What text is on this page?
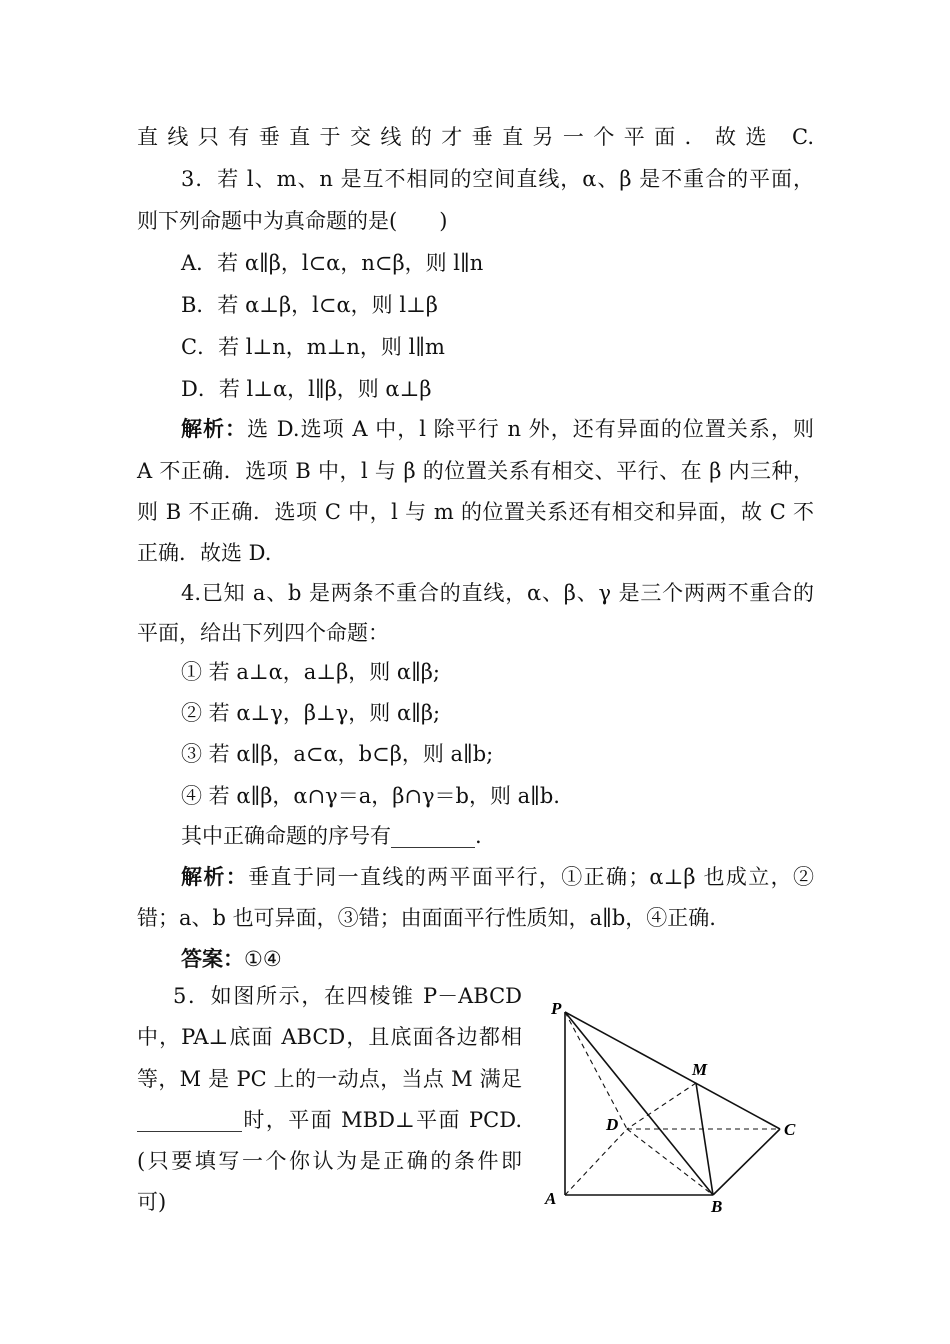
直线只有垂直于交线的才垂直另一个平面．故选 C.
3．若 l、m、n 是互不相同的空间直线，α、β 是不重合的平面，
则下列命题中为真命题的是(　　)
A．若 α∥β，l⊂α，n⊂β，则 l∥n
B．若 α⊥β，l⊂α，则 l⊥β
C．若 l⊥n，m⊥n，则 l∥m
D．若 l⊥α，l∥β，则 α⊥β
解析：选 D.选项 A 中，l 除平行 n 外，还有异面的位置关系，则
A 不正确．选项 B 中，l 与 β 的位置关系有相交、平行、在 β 内三种，
则 B 不正确．选项 C 中，l 与 m 的位置关系还有相交和异面，故 C 不
正确．故选 D.
4.已知 a、b 是两条不重合的直线，α、β、γ 是三个两两不重合的
平面，给出下列四个命题：
① 若 a⊥α，a⊥β，则 α∥β;
② 若 α⊥γ，β⊥γ，则 α∥β;
③ 若 α∥β，a⊂α，b⊂β，则 a∥b;
④ 若 α∥β，α∩γ＝a，β∩γ＝b，则 a∥b.
其中正确命题的序号有________.
解析：垂直于同一直线的两平面平行，①正确；α⊥β 也成立，②
错；a、b 也可异面，③错；由面面平行性质知，a∥b，④正确.
答案：①④
5．如图所示，在四棱锥 P－ABCD
中，PA⊥底面 ABCD，且底面各边都相
等，M 是 PC 上的一动点，当点 M 满足
__________时，平面 MBD⊥平面 PCD.
(只要填写一个你认为是正确的条件即
可)
P
M
D	C
A	B
